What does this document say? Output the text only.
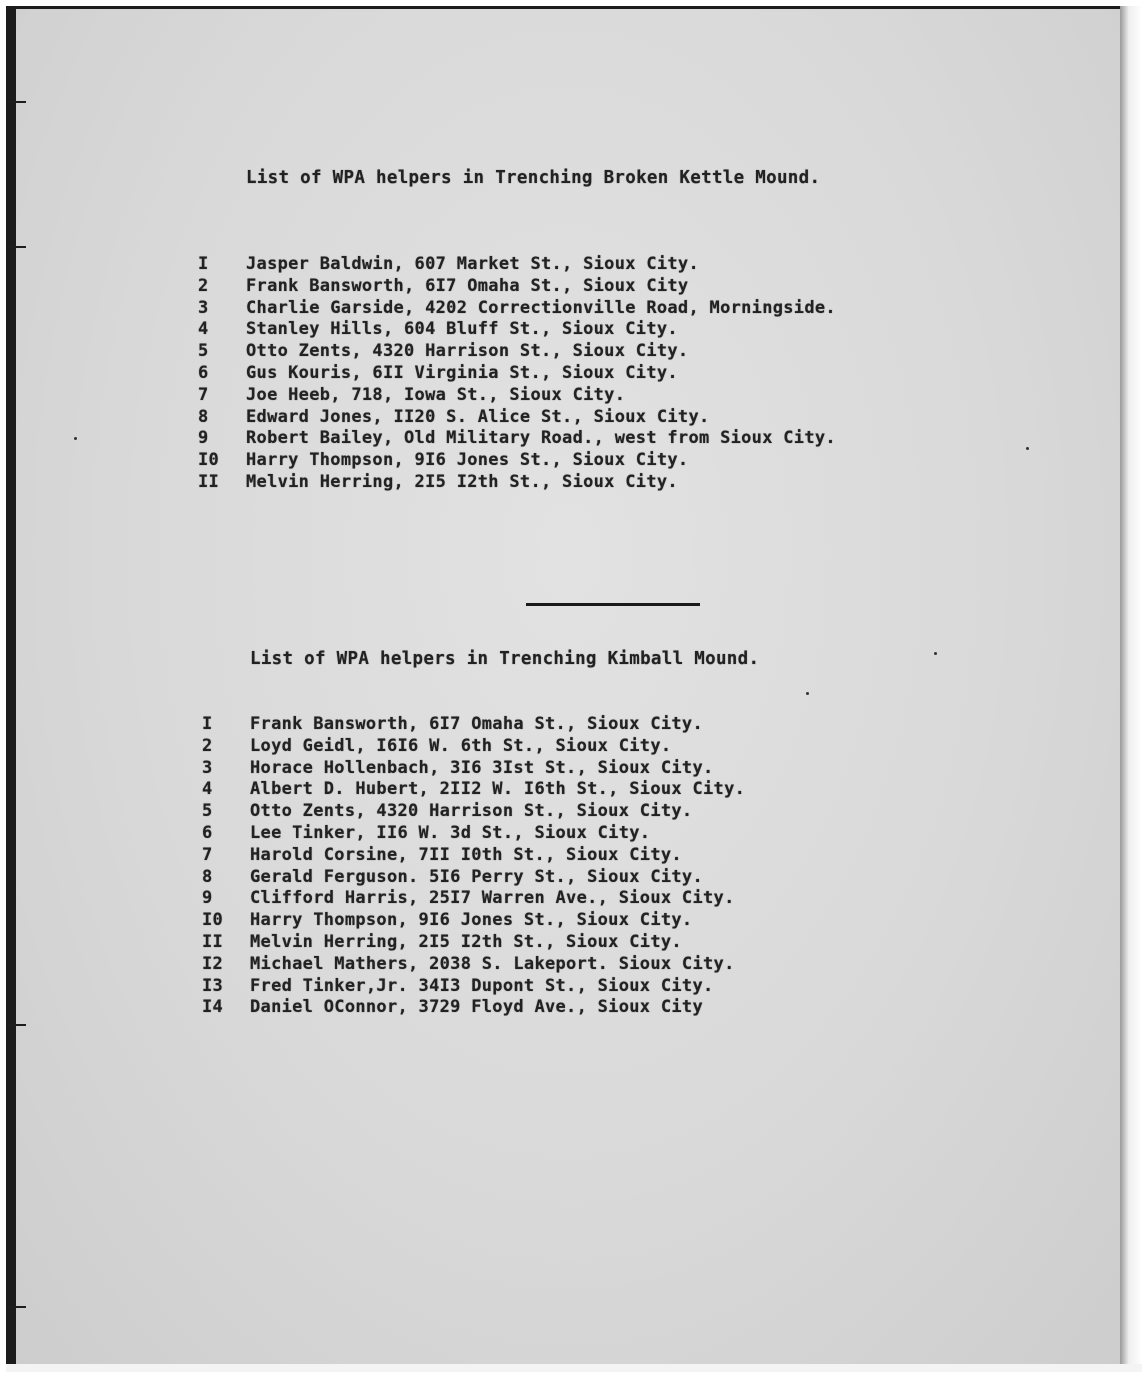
List of WPA helpers in Trenching Broken Kettle Mound.
I	Jasper Baldwin, 607 Market St., Sioux City.
2	Frank Bansworth, 6I7 Omaha St., Sioux City
3	Charlie Garside, 4202 Correctionville Road, Morningside.
4	Stanley Hills, 604 Bluff St., Sioux City.
5	Otto Zents, 4320 Harrison St., Sioux City.
6	Gus Kouris, 6II Virginia St., Sioux City.
7	Joe Heeb, 718, Iowa St., Sioux City.
8	Edward Jones, II20 S. Alice St., Sioux City.
9	Robert Bailey, Old Military Road., west from Sioux City.
I0	Harry Thompson, 9I6 Jones St., Sioux City.
II	Melvin Herring, 2I5 I2th St., Sioux City.
List of WPA helpers in Trenching Kimball Mound.
I	Frank Bansworth, 6I7 Omaha St., Sioux City.
2	Loyd Geidl, I6I6 W. 6th St., Sioux City.
3	Horace Hollenbach, 3I6 3Ist St., Sioux City.
4	Albert D. Hubert, 2II2 W. I6th St., Sioux City.
5	Otto Zents, 4320 Harrison St., Sioux City.
6	Lee Tinker, II6 W. 3d St., Sioux City.
7	Harold Corsine, 7II I0th St., Sioux City.
8	Gerald Ferguson. 5I6 Perry St., Sioux City.
9	Clifford Harris, 25I7 Warren Ave., Sioux City.
I0	Harry Thompson, 9I6 Jones St., Sioux City.
II	Melvin Herring, 2I5 I2th St., Sioux City.
I2	Michael Mathers, 2038 S. Lakeport. Sioux City.
I3	Fred Tinker,Jr. 34I3 Dupont St., Sioux City.
I4	Daniel OConnor, 3729 Floyd Ave., Sioux City
